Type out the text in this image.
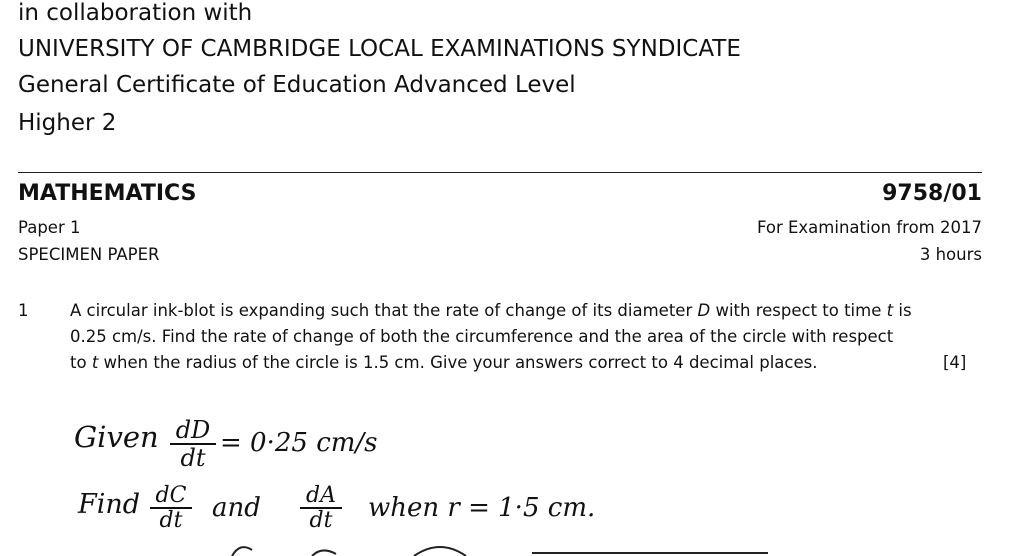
in collaboration with
UNIVERSITY OF CAMBRIDGE LOCAL EXAMINATIONS SYNDICATE
General Certificate of Education Advanced Level
Higher 2
MATHEMATICS	9758/01
Paper 1	For Examination from 2017
SPECIMEN PAPER	3 hours
1	A circular ink-blot is expanding such that the rate of change of its diameter D with respect to time t is
0.25 cm/s. Find the rate of change of both the circumference and the area of the circle with respect
to t when the radius of the circle is 1.5 cm. Give your answers correct to 4 decimal places.	[4]
Given $\frac{dD}{dt} = 0\cdot 25$ cm/s
Find $\frac{dC}{dt}$ and $\frac{dA}{dt}$ when r = 1·5 cm.
